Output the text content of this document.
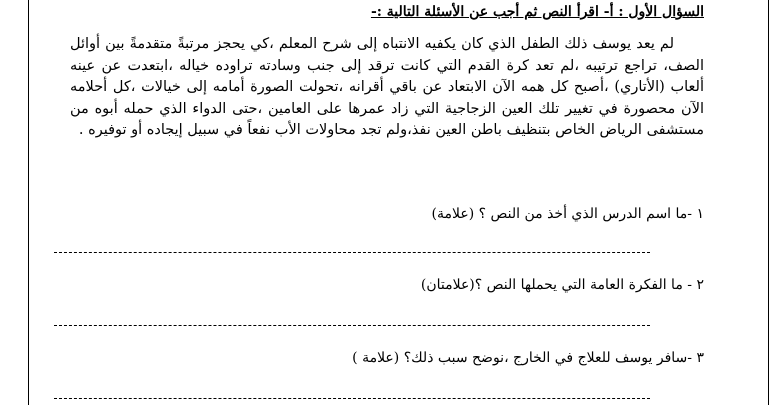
السؤال الأول : أ- اقرأ النص ثم أجب عن الأسئلة التالية :-
لم يعد يوسف ذلك الطفل الذي كان يكفيه الانتباه إلى شرح المعلم ،كي يحجز مرتبةً متقدمةً بين أوائل الصف، تراجع ترتيبه ،لم تعد كرة القدم التي كانت ترقد إلى جنب وسادته تراوده خياله ،ابتعدت عن عينه ألعاب (الأتاري) ،أصبح كل همه الآن الابتعاد عن باقي أقرانه ،تحولت الصورة أمامه إلى خيالات ،كل أحلامه الآن محصورة في تغيير تلك العين الزجاجية التي زاد عمرها على العامين ،حتى الدواء الذي حمله أبوه من مستشفى الرياض الخاص بتنظيف باطن العين نفذ،ولم تجد محاولات الأب نفعاً في سبيل إيجاده أو توفيره .
١ -ما اسم الدرس الذي أخذ من النص ؟ (علامة)
٢ - ما الفكرة العامة التي يحملها النص ؟(علامتان)
٣ -سافر يوسف للعلاج في الخارج ،نوضح سبب ذلك؟ (علامة )
